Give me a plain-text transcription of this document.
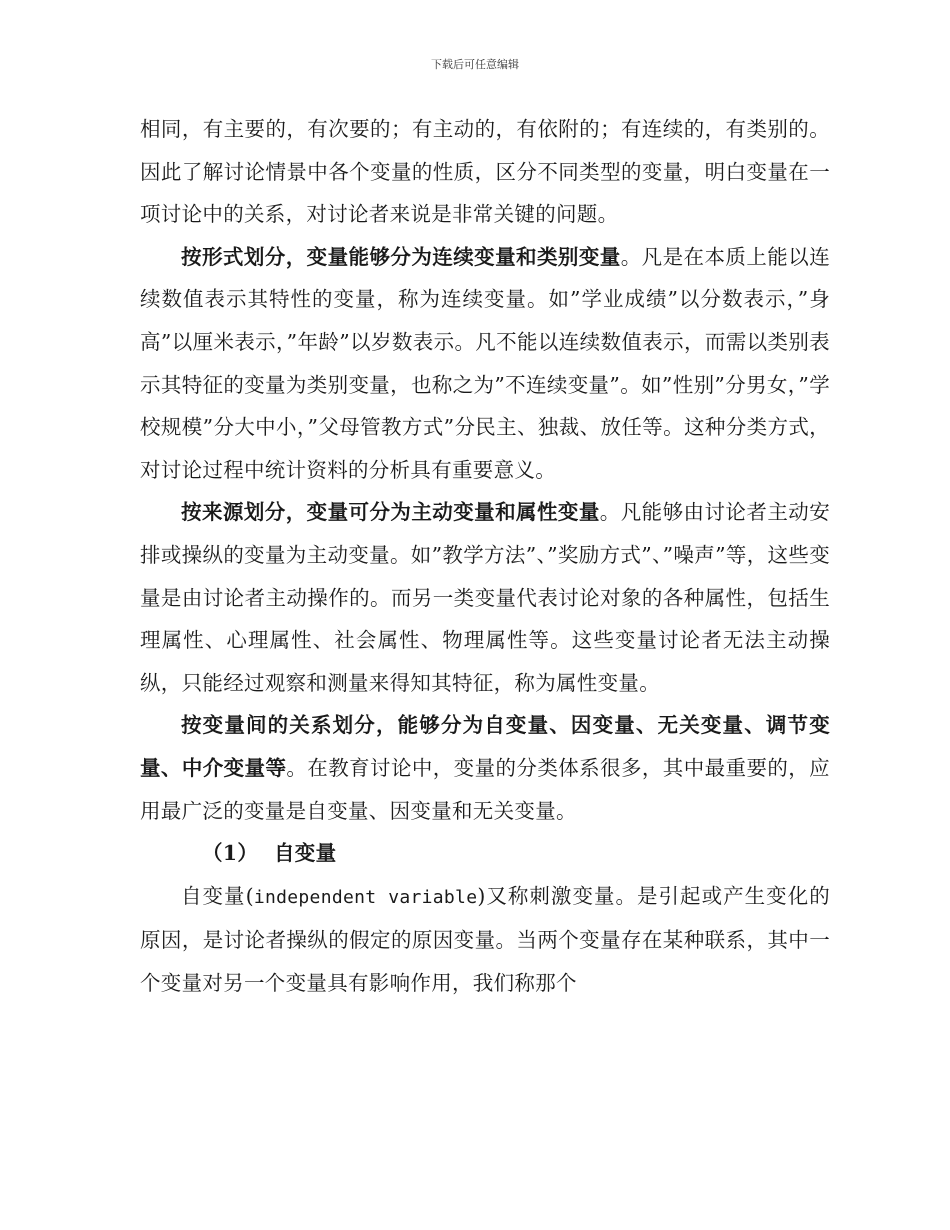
下载后可任意编辑

相同，有主要的，有次要的；有主动的，有依附的；有连续的，有类别的。因此了解讨论情景中各个变量的性质，区分不同类型的变量，明白变量在一项讨论中的关系，对讨论者来说是非常关键的问题。

按形式划分，变量能够分为连续变量和类别变量。凡是在本质上能以连续数值表示其特性的变量，称为连续变量。如”学业成绩”以分数表示，”身高”以厘米表示，”年龄”以岁数表示。凡不能以连续数值表示，而需以类别表示其特征的变量为类别变量，也称之为”不连续变量”。如”性别”分男女，”学校规模”分大中小，”父母管教方式”分民主、独裁、放任等。这种分类方式，对讨论过程中统计资料的分析具有重要意义。

按来源划分，变量可分为主动变量和属性变量。凡能够由讨论者主动安排或操纵的变量为主动变量。如”教学方法”、”奖励方式”、”噪声”等，这些变量是由讨论者主动操作的。而另一类变量代表讨论对象的各种属性，包括生理属性、心理属性、社会属性、物理属性等。这些变量讨论者无法主动操纵，只能经过观察和测量来得知其特征，称为属性变量。

按变量间的关系划分，能够分为自变量、因变量、无关变量、调节变量、中介变量等。在教育讨论中，变量的分类体系很多，其中最重要的，应用最广泛的变量是自变量、因变量和无关变量。

（1） 自变量

自变量(independent variable)又称刺激变量。是引起或产生变化的原因，是讨论者操纵的假定的原因变量。当两个变量存在某种联系，其中一个变量对另一个变量具有影响作用，我们称那个
